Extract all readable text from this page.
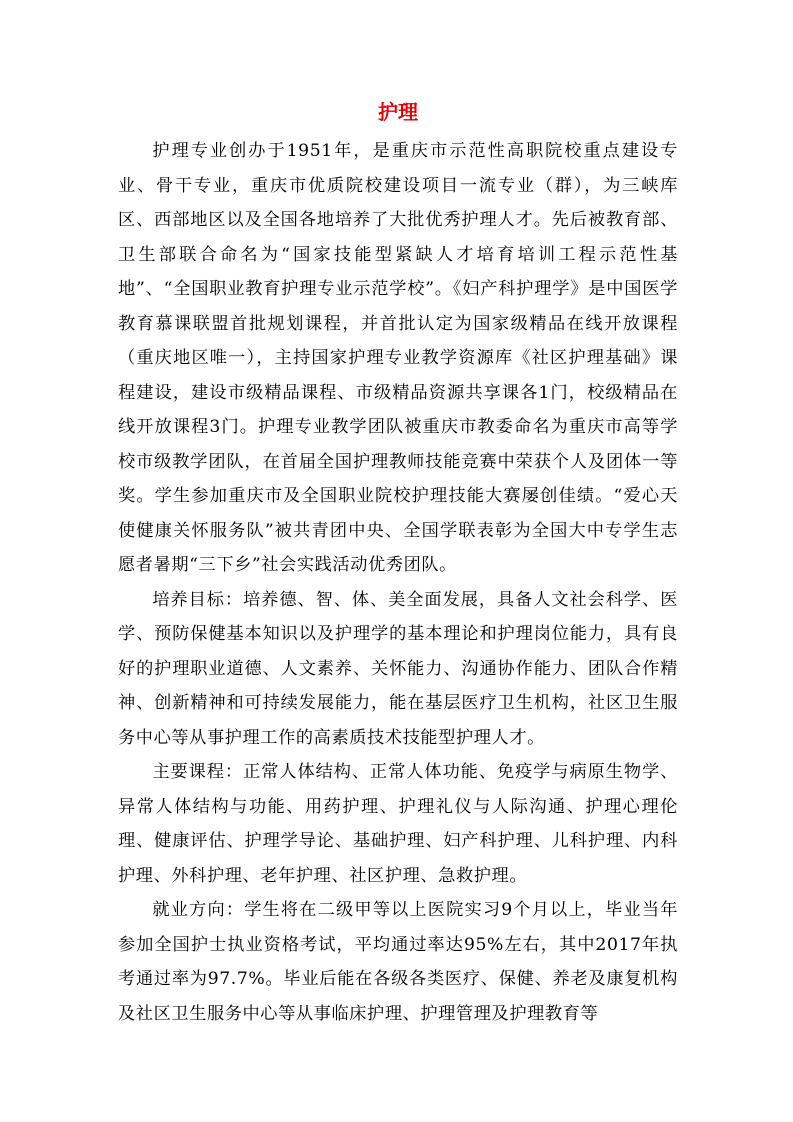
护理

护理专业创办于1951年，是重庆市示范性高职院校重点建设专业、骨干专业，重庆市优质院校建设项目一流专业（群），为三峡库区、西部地区以及全国各地培养了大批优秀护理人才。先后被教育部、卫生部联合命名为“国家技能型紧缺人才培育培训工程示范性基地”、“全国职业教育护理专业示范学校”。《妇产科护理学》是中国医学教育慕课联盟首批规划课程，并首批认定为国家级精品在线开放课程（重庆地区唯一），主持国家护理专业教学资源库《社区护理基础》课程建设，建设市级精品课程、市级精品资源共享课各1门，校级精品在线开放课程3门。护理专业教学团队被重庆市教委命名为重庆市高等学校市级教学团队，在首届全国护理教师技能竞赛中荣获个人及团体一等奖。学生参加重庆市及全国职业院校护理技能大赛屡创佳绩。“爱心天使健康关怀服务队”被共青团中央、全国学联表彰为全国大中专学生志愿者暑期“三下乡”社会实践活动优秀团队。

培养目标：培养德、智、体、美全面发展，具备人文社会科学、医学、预防保健基本知识以及护理学的基本理论和护理岗位能力，具有良好的护理职业道德、人文素养、关怀能力、沟通协作能力、团队合作精神、创新精神和可持续发展能力，能在基层医疗卫生机构，社区卫生服务中心等从事护理工作的高素质技术技能型护理人才。

主要课程：正常人体结构、正常人体功能、免疫学与病原生物学、异常人体结构与功能、用药护理、护理礼仪与人际沟通、护理心理伦理、健康评估、护理学导论、基础护理、妇产科护理、儿科护理、内科护理、外科护理、老年护理、社区护理、急救护理。

就业方向：学生将在二级甲等以上医院实习9个月以上，毕业当年参加全国护士执业资格考试，平均通过率达95%左右，其中2017年执考通过率为97.7%。毕业后能在各级各类医疗、保健、养老及康复机构及社区卫生服务中心等从事临床护理、护理管理及护理教育等
